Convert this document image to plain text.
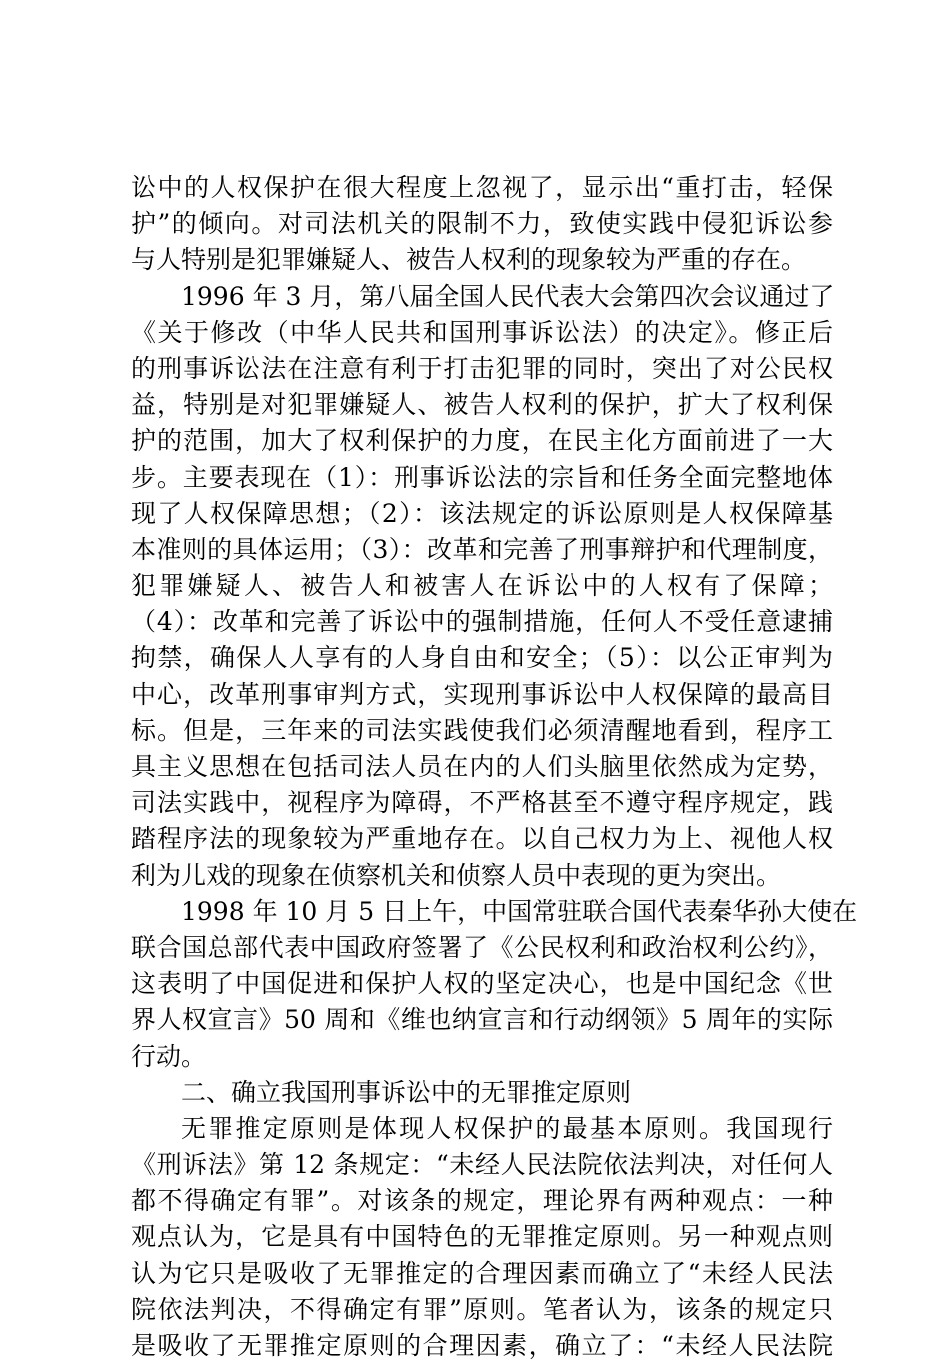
讼中的人权保护在很大程度上忽视了，显示出“重打击，轻保
护”的倾向。对司法机关的限制不力，致使实践中侵犯诉讼参
与人特别是犯罪嫌疑人、被告人权利的现象较为严重的存在。
1996 年 3 月，第八届全国人民代表大会第四次会议通过了
《关于修改（中华人民共和国刑事诉讼法）的决定》。修正后
的刑事诉讼法在注意有利于打击犯罪的同时，突出了对公民权
益，特别是对犯罪嫌疑人、被告人权利的保护，扩大了权利保
护的范围，加大了权利保护的力度，在民主化方面前进了一大
步。主要表现在（1）：刑事诉讼法的宗旨和任务全面完整地体
现了人权保障思想；（2）：该法规定的诉讼原则是人权保障基
本准则的具体运用；（3）：改革和完善了刑事辩护和代理制度，
犯罪嫌疑人、被告人和被害人在诉讼中的人权有了保障；
（4）：改革和完善了诉讼中的强制措施，任何人不受任意逮捕
拘禁，确保人人享有的人身自由和安全；（5）：以公正审判为
中心，改革刑事审判方式，实现刑事诉讼中人权保障的最高目
标。但是，三年来的司法实践使我们必须清醒地看到，程序工
具主义思想在包括司法人员在内的人们头脑里依然成为定势，
司法实践中，视程序为障碍，不严格甚至不遵守程序规定，践
踏程序法的现象较为严重地存在。以自己权力为上、视他人权
利为儿戏的现象在侦察机关和侦察人员中表现的更为突出。
1998 年 10 月 5 日上午，中国常驻联合国代表秦华孙大使在
联合国总部代表中国政府签署了《公民权利和政治权利公约》，
这表明了中国促进和保护人权的坚定决心，也是中国纪念《世
界人权宣言》50 周和《维也纳宣言和行动纲领》5 周年的实际
行动。
二、确立我国刑事诉讼中的无罪推定原则
无罪推定原则是体现人权保护的最基本原则。我国现行
《刑诉法》第 12 条规定：“未经人民法院依法判决，对任何人
都不得确定有罪”。对该条的规定，理论界有两种观点：一种
观点认为，它是具有中国特色的无罪推定原则。另一种观点则
认为它只是吸收了无罪推定的合理因素而确立了“未经人民法
院依法判决，不得确定有罪”原则。笔者认为，该条的规定只
是吸收了无罪推定原则的合理因素，确立了：“未经人民法院
